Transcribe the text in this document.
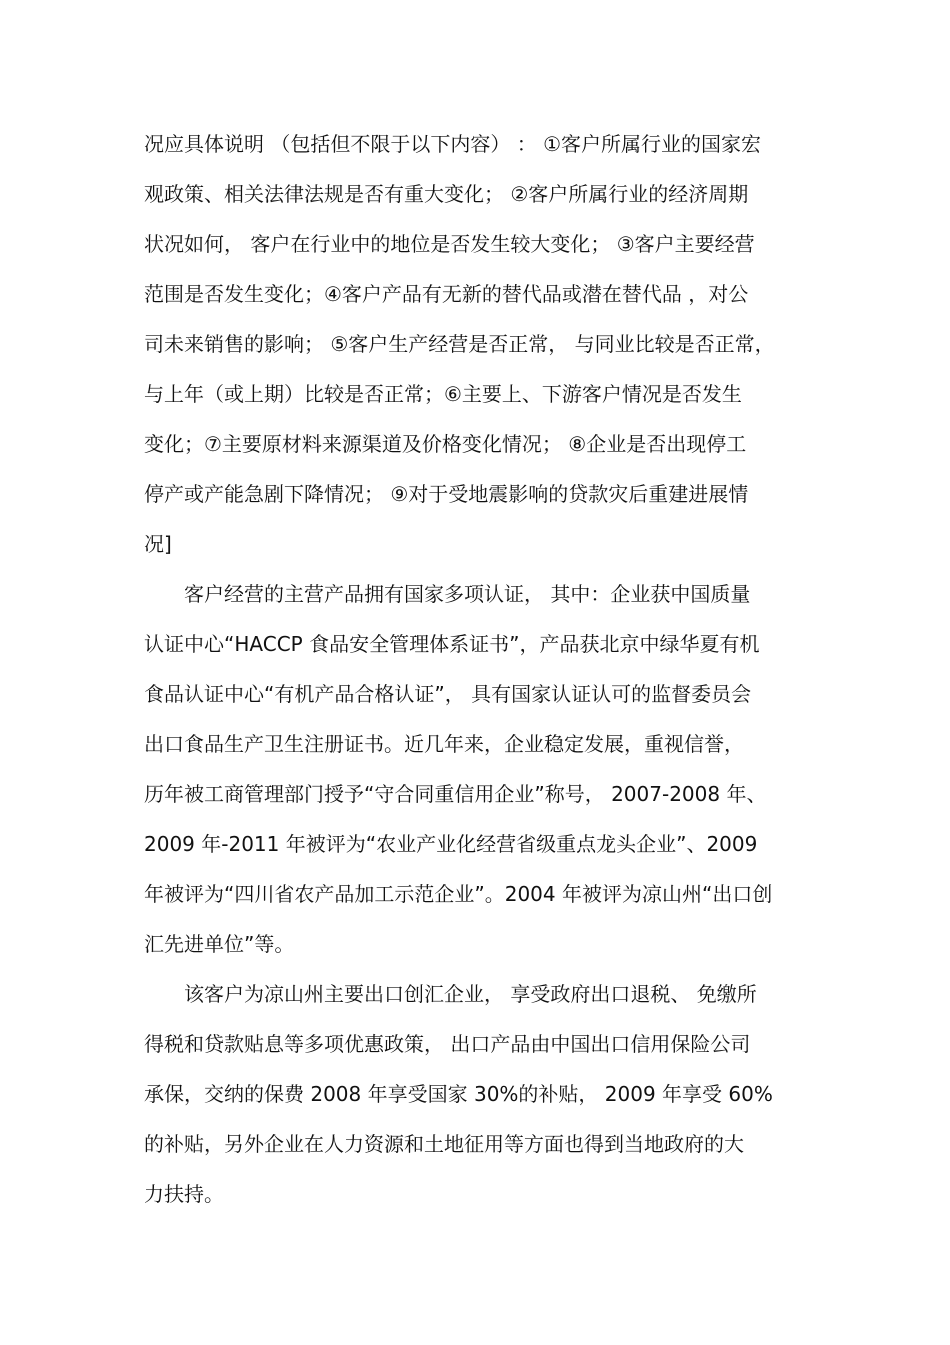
况应具体说明 （包括但不限于以下内容） ： ①客户所属行业的国家宏
观政策、相关法律法规是否有重大变化； ②客户所属行业的经济周期
状况如何， 客户在行业中的地位是否发生较大变化； ③客户主要经营
范围是否发生变化；④客户产品有无新的替代品或潜在替代品 ，对公
司未来销售的影响； ⑤客户生产经营是否正常， 与同业比较是否正常，
与上年（或上期）比较是否正常；⑥主要上、下游客户情况是否发生
变化；⑦主要原材料来源渠道及价格变化情况； ⑧企业是否出现停工
停产或产能急剧下降情况； ⑨对于受地震影响的贷款灾后重建进展情
况]
客户经营的主营产品拥有国家多项认证， 其中：企业获中国质量
认证中心“HACCP 食品安全管理体系证书”，产品获北京中绿华夏有机
食品认证中心“有机产品合格认证”， 具有国家认证认可的监督委员会
出口食品生产卫生注册证书。近几年来，企业稳定发展，重视信誉，
历年被工商管理部门授予“守合同重信用企业”称号， 2007-2008 年、
2009 年-2011 年被评为“农业产业化经营省级重点龙头企业”、2009
年被评为“四川省农产品加工示范企业”。2004 年被评为凉山州“出口创
汇先进单位”等。
该客户为凉山州主要出口创汇企业， 享受政府出口退税、 免缴所
得税和贷款贴息等多项优惠政策， 出口产品由中国出口信用保险公司
承保，交纳的保费 2008 年享受国家 30%的补贴， 2009 年享受 60%
的补贴，另外企业在人力资源和土地征用等方面也得到当地政府的大
力扶持。
